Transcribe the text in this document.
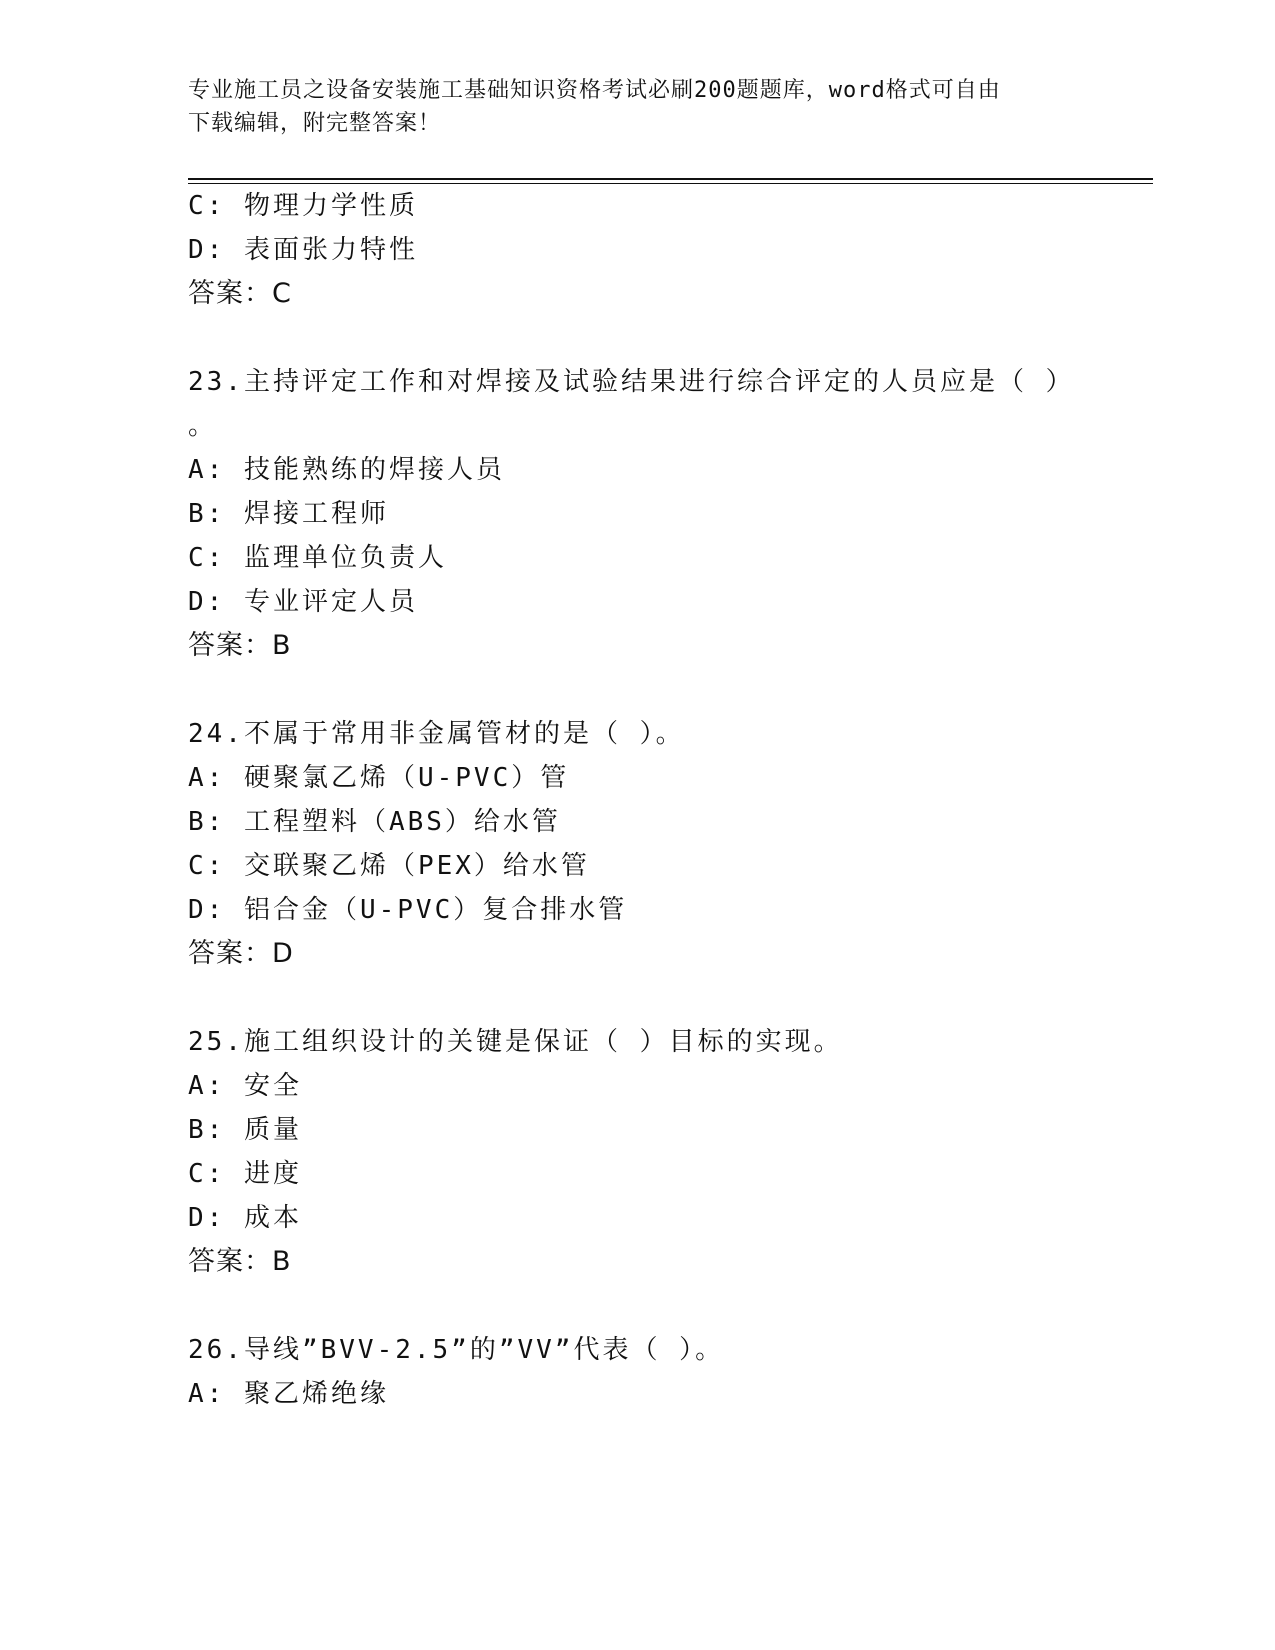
专业施工员之设备安装施工基础知识资格考试必刷200题题库，word格式可自由
下载编辑，附完整答案！
C: 物理力学性质
D: 表面张力特性
答案：C
23.主持评定工作和对焊接及试验结果进行综合评定的人员应是（ ）
。
A: 技能熟练的焊接人员
B: 焊接工程师
C: 监理单位负责人
D: 专业评定人员
答案：B
24.不属于常用非金属管材的是（ ）。
A: 硬聚氯乙烯（U-PVC）管
B: 工程塑料（ABS）给水管
C: 交联聚乙烯（PEX）给水管
D: 铝合金（U-PVC）复合排水管
答案：D
25.施工组织设计的关键是保证（ ）目标的实现。
A: 安全
B: 质量
C: 进度
D: 成本
答案：B
26.导线”BVV-2.5”的”VV”代表（ ）。
A: 聚乙烯绝缘
